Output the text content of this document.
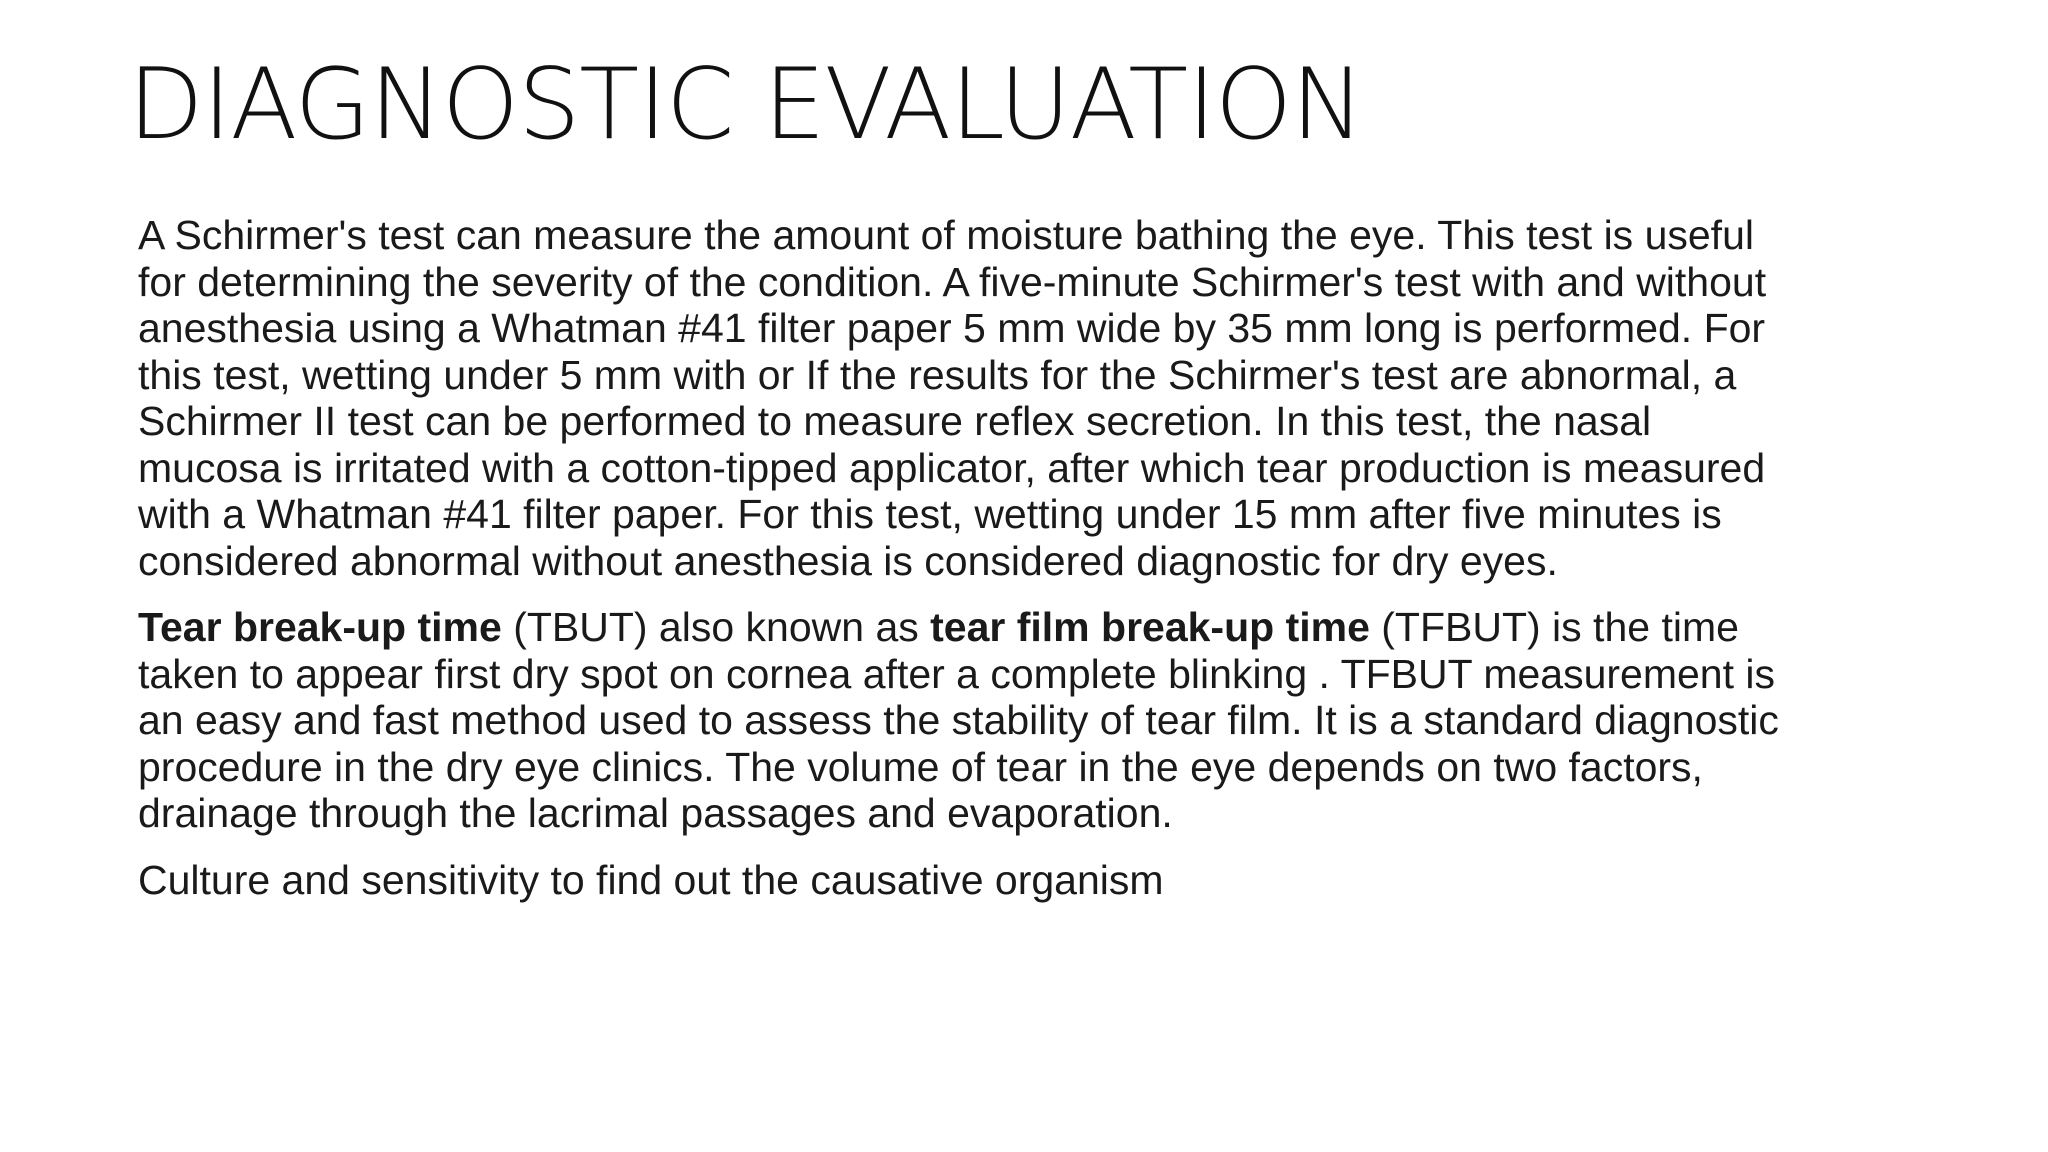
DIAGNOSTIC EVALUATION

A Schirmer's test can measure the amount of moisture bathing the eye. This test is useful for determining the severity of the condition. A five-minute Schirmer's test with and without anesthesia using a Whatman #41 filter paper 5 mm wide by 35 mm long is performed. For this test, wetting under 5 mm with or If the results for the Schirmer's test are abnormal, a Schirmer II test can be performed to measure reflex secretion. In this test, the nasal mucosa is irritated with a cotton-tipped applicator, after which tear production is measured with a Whatman #41 filter paper. For this test, wetting under 15 mm after five minutes is considered abnormal without anesthesia is considered diagnostic for dry eyes.

Tear break-up time (TBUT) also known as tear film break-up time (TFBUT) is the time taken to appear first dry spot on cornea after a complete blinking . TFBUT measurement is an easy and fast method used to assess the stability of tear film. It is a standard diagnostic procedure in the dry eye clinics. The volume of tear in the eye depends on two factors, drainage through the lacrimal passages and evaporation.

Culture and sensitivity to find out the causative organism
